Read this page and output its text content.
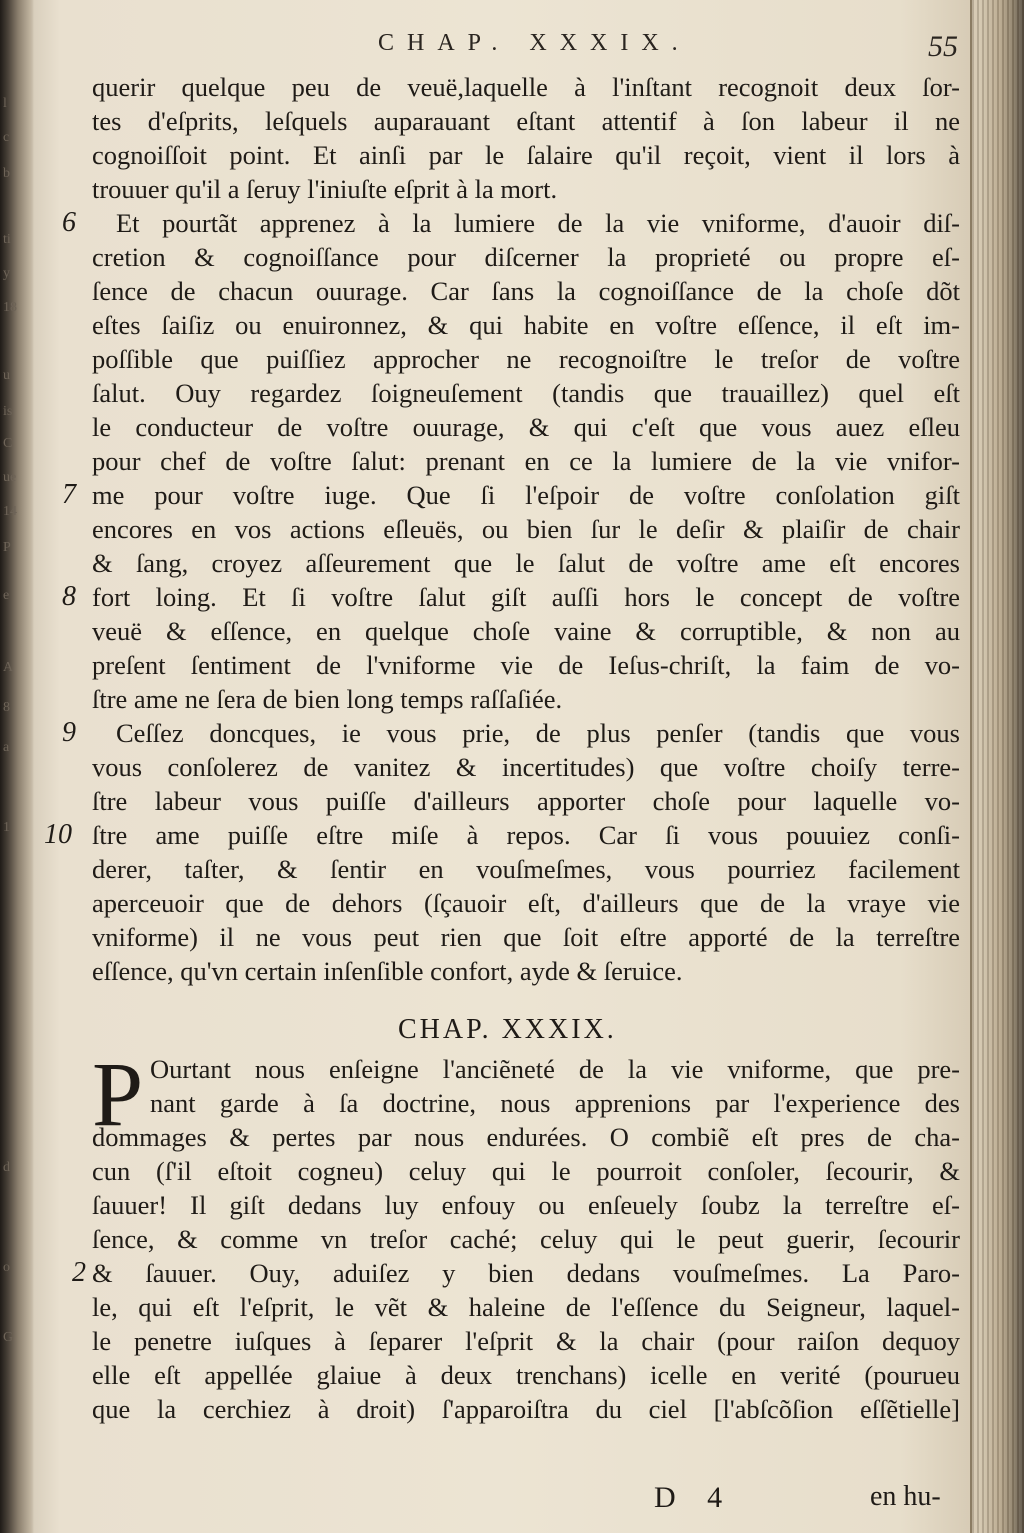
l
c
b
ti
y
18
u
is
C
ue
14
P
e
A
8
a
1
d
o
G
CHAP. XXXIX.	55
querir quelque peu de veuë,laquelle à l'inſtant recognoit deux ſor-
tes d'eſprits, leſquels auparauant eſtant attentif à ſon labeur il ne
cognoiſſoit point. Et ainſi par le ſalaire qu'il reçoit, vient il lors à
trouuer qu'il a ſeruy l'iniuſte eſprit à la mort.
6 Et pourtãt apprenez à la lumiere de la vie vniforme, d'auoir diſ-
cretion & cognoiſſance pour diſcerner la proprieté ou propre eſ-
ſence de chacun ouurage. Car ſans la cognoiſſance de la choſe dõt
eſtes ſaiſiz ou enuironnez, & qui habite en voſtre eſſence, il eſt im-
poſſible que puiſſiez approcher ne recognoiſtre le treſor de voſtre
ſalut. Ouy regardez ſoigneuſement (tandis que trauaillez) quel eſt
le conducteur de voſtre ouurage, & qui c'eſt que vous auez eſleu
pour chef de voſtre ſalut: prenant en ce la lumiere de la vie vnifor-
7 me pour voſtre iuge. Que ſi l'eſpoir de voſtre conſolation giſt
encores en vos actions eſleuës, ou bien ſur le deſir & plaiſir de chair
& ſang, croyez aſſeurement que le ſalut de voſtre ame eſt encores
8 fort loing. Et ſi voſtre ſalut giſt auſſi hors le concept de voſtre
veuë & eſſence, en quelque choſe vaine & corruptible, & non au
preſent ſentiment de l'vniforme vie de Ieſus-chriſt, la faim de vo-
ſtre ame ne ſera de bien long temps raſſaſiée.
9 Ceſſez doncques, ie vous prie, de plus penſer (tandis que vous
vous conſolerez de vanitez & incertitudes) que voſtre choiſy terre-
ſtre labeur vous puiſſe d'ailleurs apporter choſe pour laquelle vo-
10 ſtre ame puiſſe eſtre miſe à repos. Car ſi vous pouuiez conſi-
derer, taſter, & ſentir en vouſmeſmes, vous pourriez facilement
aperceuoir que de dehors (ſçauoir eſt, d'ailleurs que de la vraye vie
vniforme) il ne vous peut rien que ſoit eſtre apporté de la terreſtre
eſſence, qu'vn certain inſenſible confort, ayde & ſeruice.
CHAP. XXXIX.
P Ourtant nous enſeigne l'anciẽneté de la vie vniforme, que pre-
nant garde à ſa doctrine, nous apprenions par l'experience des
dommages & pertes par nous endurées. O combiẽ eſt pres de cha-
cun (ſ'il eſtoit cogneu) celuy qui le pourroit conſoler, ſecourir, &
ſauuer! Il giſt dedans luy enfouy ou enſeuely ſoubz la terreſtre eſ-
ſence, & comme vn treſor caché; celuy qui le peut guerir, ſecourir
2 & ſauuer. Ouy, aduiſez y bien dedans vouſmeſmes. La Paro-
le, qui eſt l'eſprit, le vẽt & haleine de l'eſſence du Seigneur, laquel-
le penetre iuſques à ſeparer l'eſprit & la chair (pour raiſon dequoy
elle eſt appellée glaiue à deux trenchans) icelle en verité (pourueu
que la cerchiez à droit) ſ'apparoiſtra du ciel [l'abſcõſion eſſẽtielle]
D 4	en hu-
